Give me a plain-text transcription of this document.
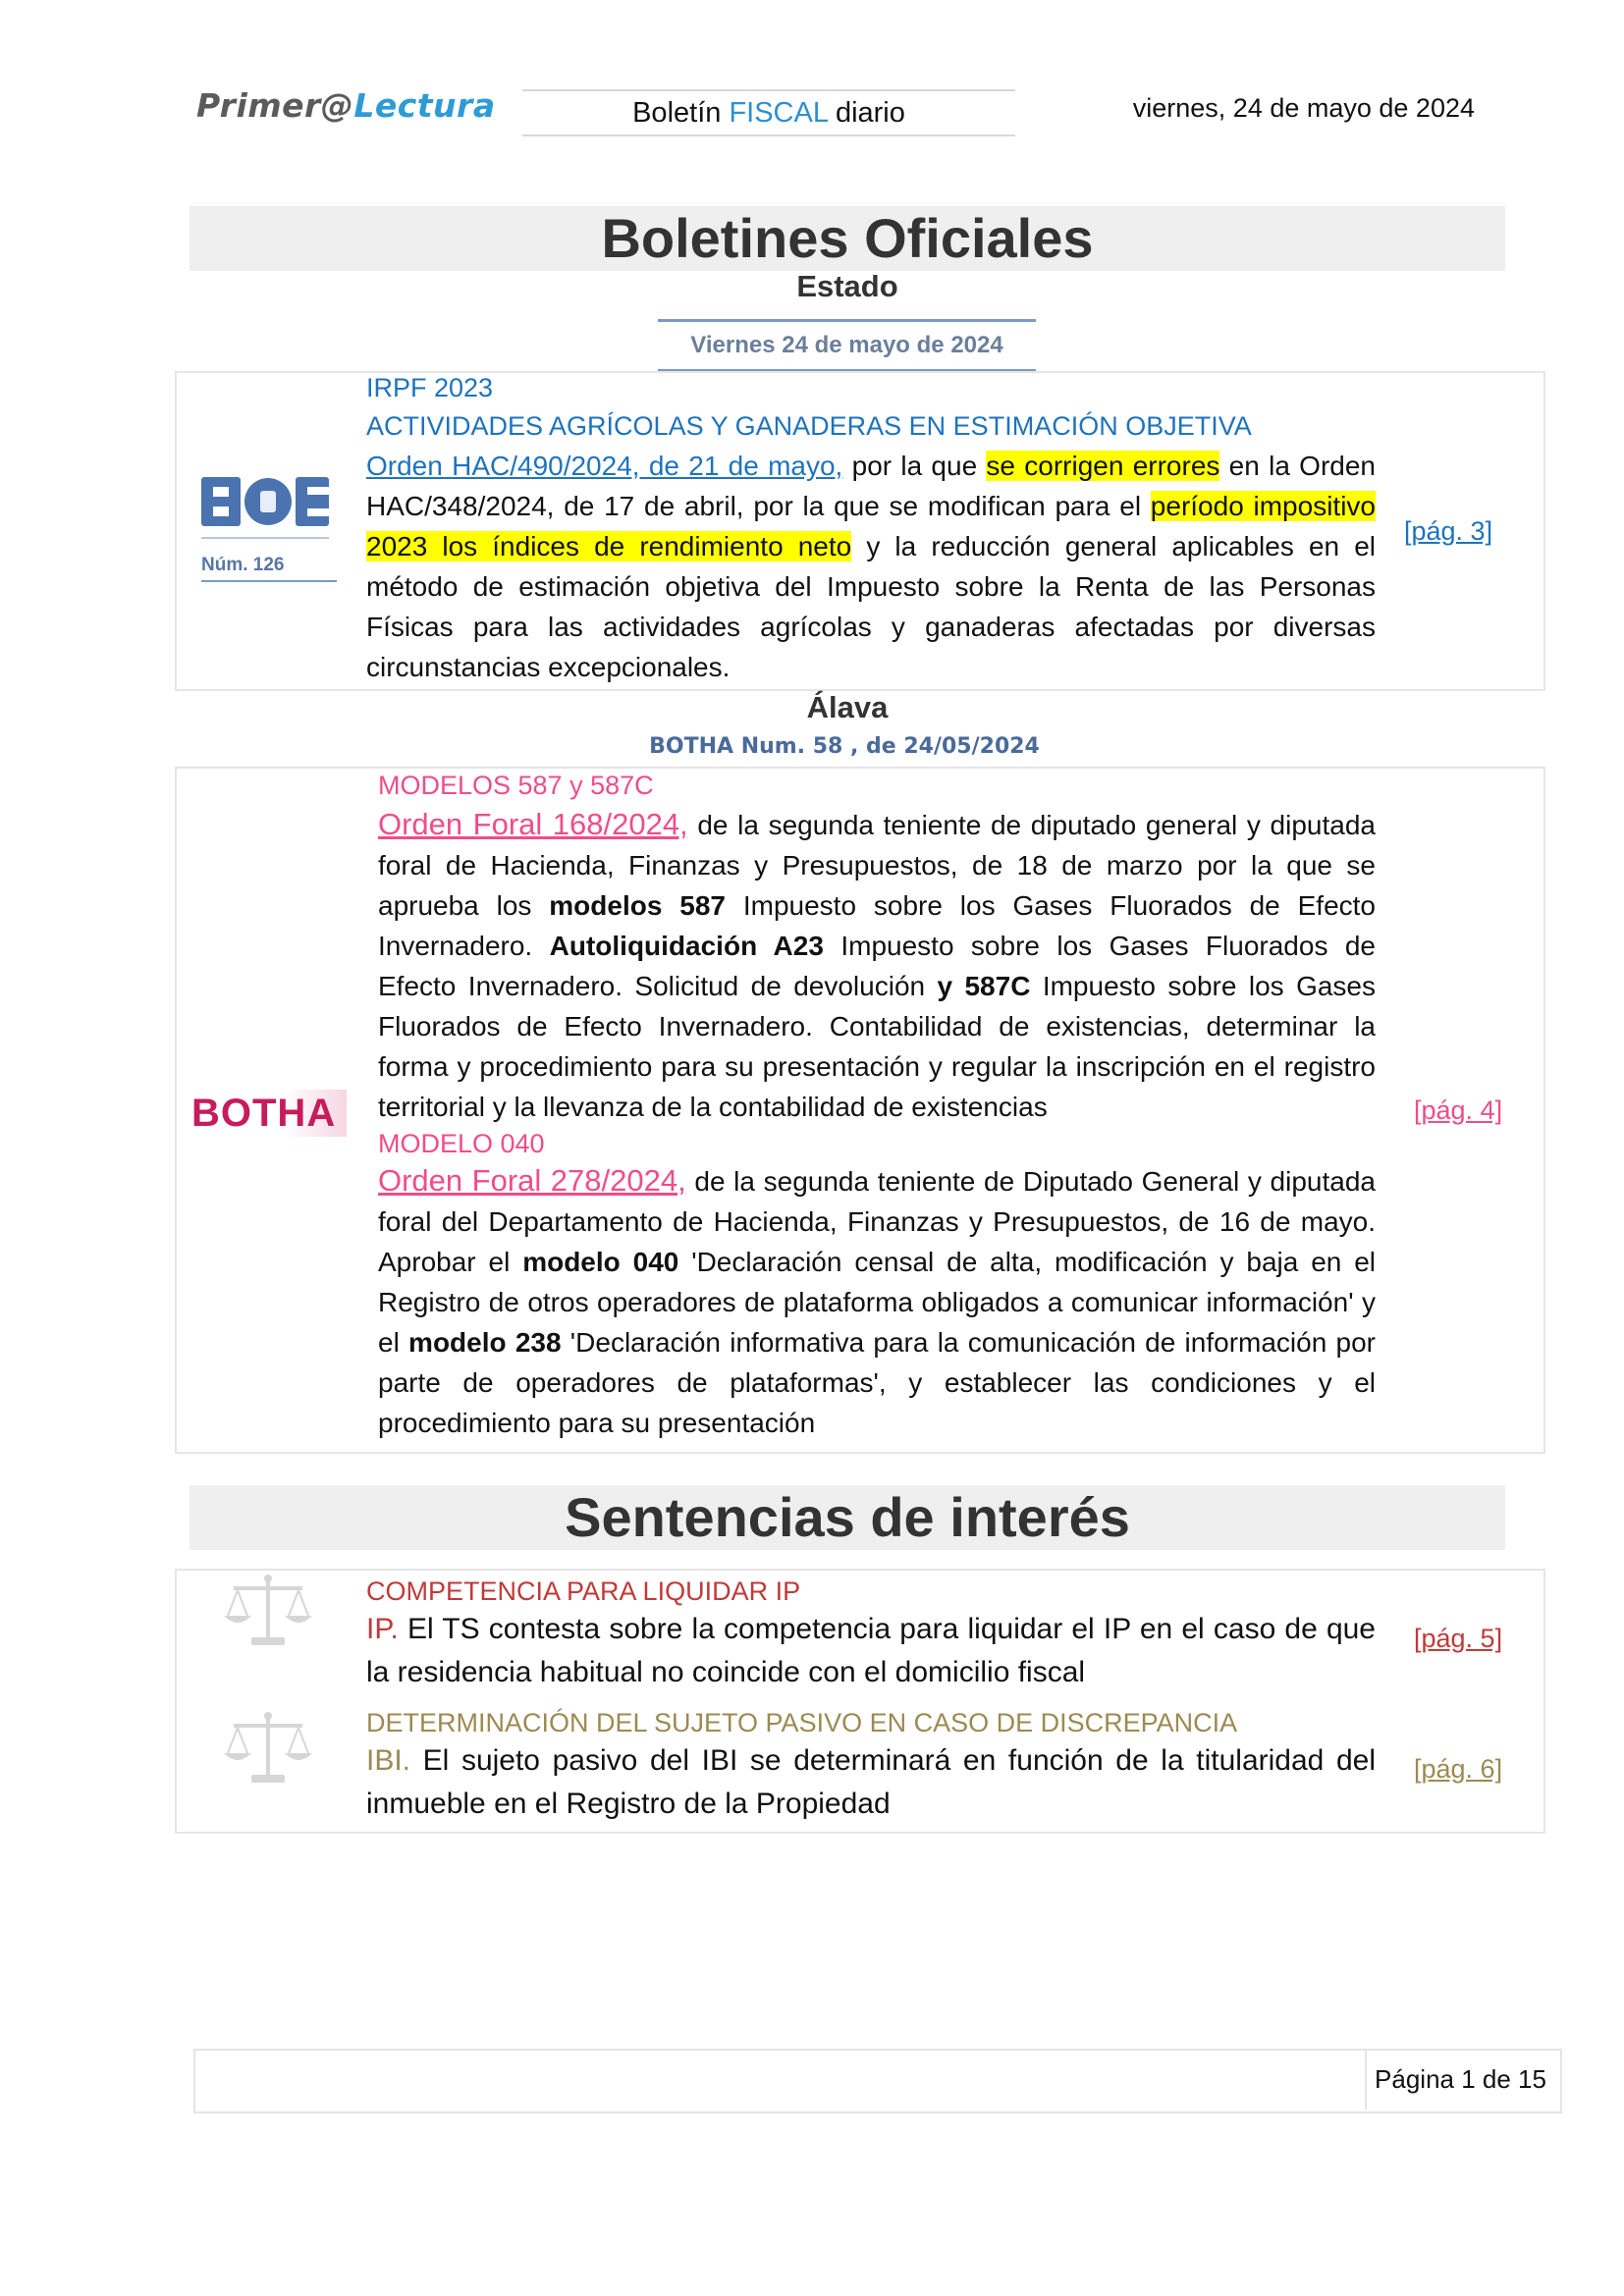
Primer@Lectura	Boletín FISCAL diario	viernes, 24 de mayo de 2024
Boletines Oficiales
Estado
Viernes 24 de mayo de 2024
Núm. 126
IRPF 2023
ACTIVIDADES AGRÍCOLAS Y GANADERAS EN ESTIMACIÓN OBJETIVA
Orden HAC/490/2024, de 21 de mayo, por la que se corrigen errores en la Orden HAC/348/2024, de 17 de abril, por la que se modifican para el período impositivo 2023 los índices de rendimiento neto y la reducción general aplicables en el método de estimación objetiva del Impuesto sobre la Renta de las Personas Físicas para las actividades agrícolas y ganaderas afectadas por diversas circunstancias excepcionales.
[pág. 3]
Álava
BOTHA Num. 58 , de 24/05/2024
BOTHA
MODELOS 587 y 587C
Orden Foral 168/2024, de la segunda teniente de diputado general y diputada foral de Hacienda, Finanzas y Presupuestos, de 18 de marzo por la que se aprueba los modelos 587 Impuesto sobre los Gases Fluorados de Efecto Invernadero. Autoliquidación A23 Impuesto sobre los Gases Fluorados de Efecto Invernadero. Solicitud de devolución y 587C Impuesto sobre los Gases Fluorados de Efecto Invernadero. Contabilidad de existencias, determinar la forma y procedimiento para su presentación y regular la inscripción en el registro territorial y la llevanza de la contabilidad de existencias
MODELO 040
Orden Foral 278/2024, de la segunda teniente de Diputado General y diputada foral del Departamento de Hacienda, Finanzas y Presupuestos, de 16 de mayo. Aprobar el modelo 040 'Declaración censal de alta, modificación y baja en el Registro de otros operadores de plataforma obligados a comunicar información' y el modelo 238 'Declaración informativa para la comunicación de información por parte de operadores de plataformas', y establecer las condiciones y el procedimiento para su presentación
[pág. 4]
Sentencias de interés
COMPETENCIA PARA LIQUIDAR IP
IP. El TS contesta sobre la competencia para liquidar el IP en el caso de que la residencia habitual no coincide con el domicilio fiscal
[pág. 5]
DETERMINACIÓN DEL SUJETO PASIVO EN CASO DE DISCREPANCIA
IBI. El sujeto pasivo del IBI se determinará en función de la titularidad del inmueble en el Registro de la Propiedad
[pág. 6]
Página 1 de 15
